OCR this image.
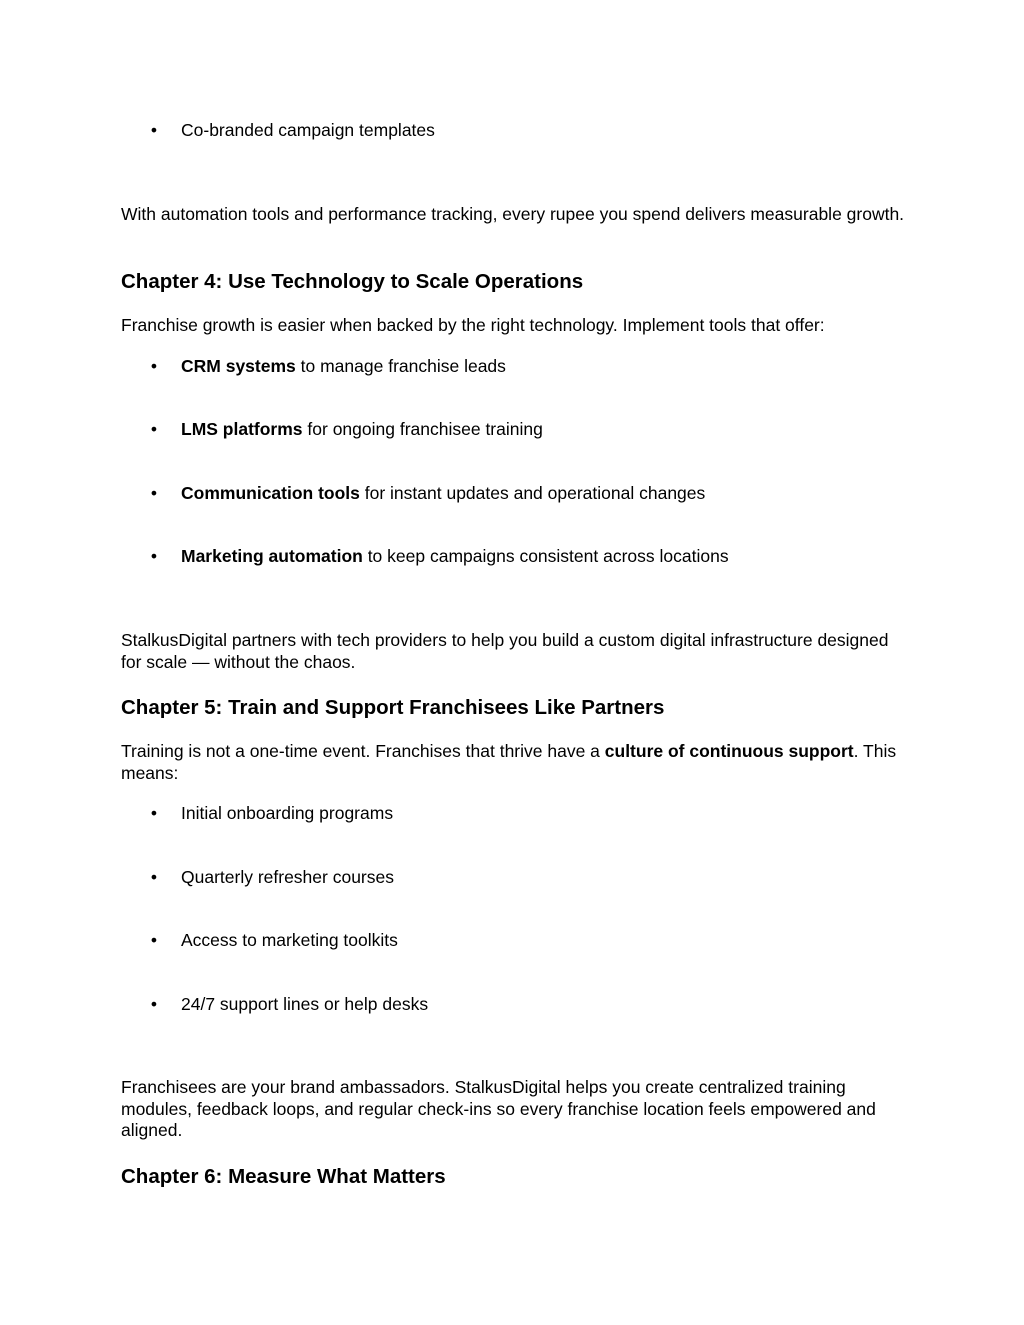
• Co-branded campaign templates

With automation tools and performance tracking, every rupee you spend delivers measurable growth.

Chapter 4: Use Technology to Scale Operations

Franchise growth is easier when backed by the right technology. Implement tools that offer:

• CRM systems to manage franchise leads
• LMS platforms for ongoing franchisee training
• Communication tools for instant updates and operational changes
• Marketing automation to keep campaigns consistent across locations

StalkusDigital partners with tech providers to help you build a custom digital infrastructure designed for scale — without the chaos.

Chapter 5: Train and Support Franchisees Like Partners

Training is not a one-time event. Franchises that thrive have a culture of continuous support. This means:

• Initial onboarding programs
• Quarterly refresher courses
• Access to marketing toolkits
• 24/7 support lines or help desks

Franchisees are your brand ambassadors. StalkusDigital helps you create centralized training modules, feedback loops, and regular check-ins so every franchise location feels empowered and aligned.

Chapter 6: Measure What Matters
